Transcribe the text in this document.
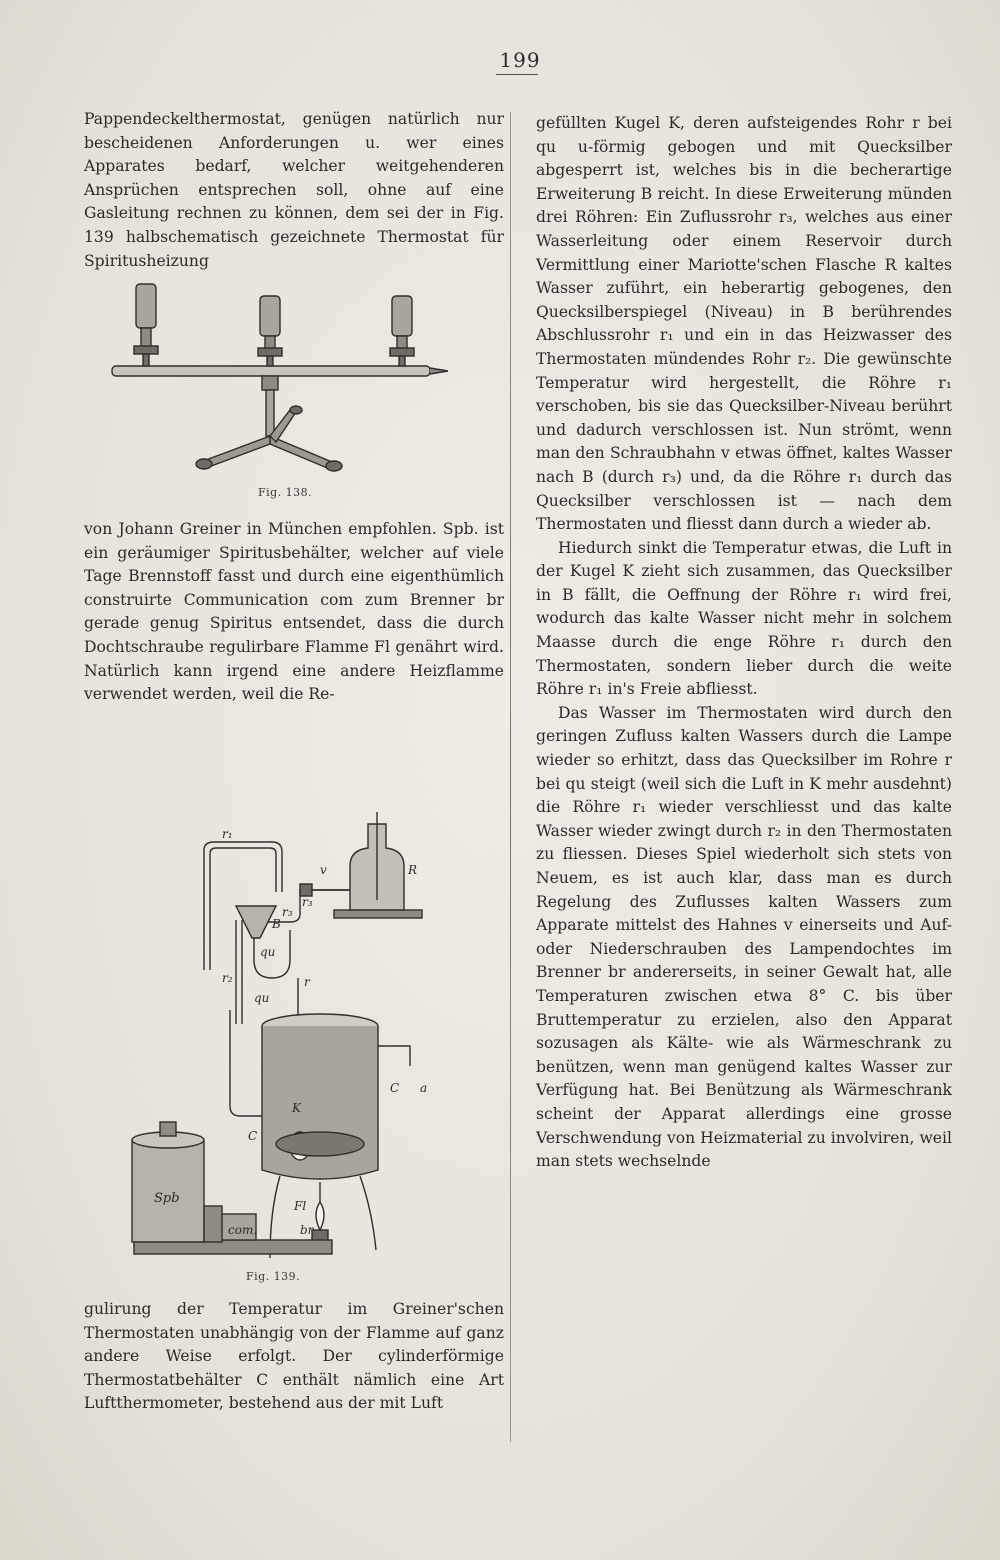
199

Pappendeckelthermostat, genügen natürlich nur bescheidenen Anforderungen u. wer eines Apparates bedarf, welcher weitgehenderen Ansprüchen entsprechen soll, ohne auf eine Gasleitung rechnen zu können, dem sei der in Fig. 139 halbschematisch gezeichnete Thermostat für Spiritusheizung

Fig. 138.

von Johann Greiner in München empfohlen. Spb. ist ein geräumiger Spiritusbehälter, welcher auf viele Tage Brennstoff fasst und durch eine eigenthümlich construirte Communication com zum Brenner br gerade genug Spiritus entsendet, dass die durch Dochtschraube regulirbare Flamme Fl genährt wird. Natürlich kann irgend eine andere Heizflamme verwendet werden, weil die Re-

r₁
v	R
r₃
r₃
B
qu
r₂	r
qu
K
C a
C
Spb	Fl
br
com.
Fig. 139.

gulirung der Temperatur im Greiner'schen Thermostaten unabhängig von der Flamme auf ganz andere Weise erfolgt. Der cylinderförmige Thermostatbehälter C enthält nämlich eine Art Luftthermometer, bestehend aus der mit Luft

gefüllten Kugel K, deren aufsteigendes Rohr r bei qu u-förmig gebogen und mit Quecksilber abgesperrt ist, welches bis in die becherartige Erweiterung B reicht. In diese Erweiterung münden drei Röhren: Ein Zuflussrohr r₃, welches aus einer Wasserleitung oder einem Reservoir durch Vermittlung einer Mariotte'schen Flasche R kaltes Wasser zuführt, ein heberartig gebogenes, den Quecksilberspiegel (Niveau) in B berührendes Abschlussrohr r₁ und ein in das Heizwasser des Thermostaten mündendes Rohr r₂. Die gewünschte Temperatur wird hergestellt, die Röhre r₁ verschoben, bis sie das Quecksilber-Niveau berührt und dadurch verschlossen ist. Nun strömt, wenn man den Schraubhahn v etwas öffnet, kaltes Wasser nach B (durch r₃) und, da die Röhre r₁ durch das Quecksilber verschlossen ist — nach dem Thermostaten und fliesst dann durch a wieder ab.

Hiedurch sinkt die Temperatur etwas, die Luft in der Kugel K zieht sich zusammen, das Quecksilber in B fällt, die Oeffnung der Röhre r₁ wird frei, wodurch das kalte Wasser nicht mehr in solchem Maasse durch die enge Röhre r₁ durch den Thermostaten, sondern lieber durch die weite Röhre r₁ in's Freie abfliesst.

Das Wasser im Thermostaten wird durch den geringen Zufluss kalten Wassers durch die Lampe wieder so erhitzt, dass das Quecksilber im Rohre r bei qu steigt (weil sich die Luft in K mehr ausdehnt) die Röhre r₁ wieder verschliesst und das kalte Wasser wieder zwingt durch r₂ in den Thermostaten zu fliessen. Dieses Spiel wiederholt sich stets von Neuem, es ist auch klar, dass man es durch Regelung des Zuflusses kalten Wassers zum Apparate mittelst des Hahnes v einerseits und Auf- oder Niederschrauben des Lampendochtes im Brenner br andererseits, in seiner Gewalt hat, alle Temperaturen zwischen etwa 8° C. bis über Bruttemperatur zu erzielen, also den Apparat sozusagen als Kälte- wie als Wärmeschrank zu benützen, wenn man genügend kaltes Wasser zur Verfügung hat. Bei Benützung als Wärmeschrank scheint der Apparat allerdings eine grosse Verschwendung von Heizmaterial zu involviren, weil man stets wechselnde
